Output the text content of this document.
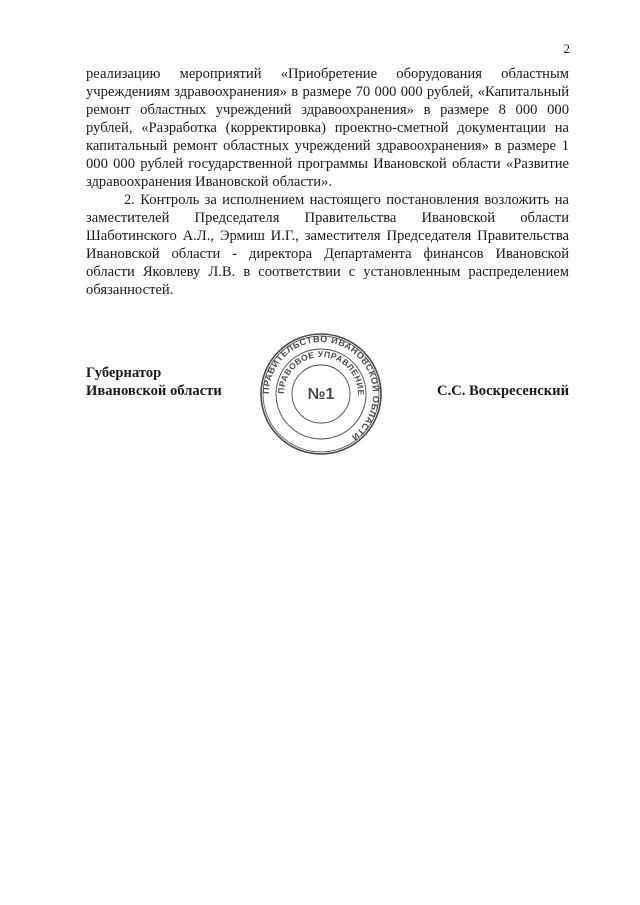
2

реализацию мероприятий «Приобретение оборудования областным учреждениям здравоохранения» в размере 70 000 000 рублей, «Капитальный ремонт областных учреждений здравоохранения» в размере 8 000 000 рублей, «Разработка (корректировка) проектно-сметной документации на капитальный ремонт областных учреждений здравоохранения» в размере 1 000 000 рублей государственной программы Ивановской области «Развитие здравоохранения Ивановской области».

2. Контроль за исполнением настоящего постановления возложить на заместителей Председателя Правительства Ивановской области Шаботинского А.Л., Эрмиш И.Г., заместителя Председателя Правительства Ивановской области - директора Департамента финансов Ивановской области Яковлеву Л.В. в соответствии с установленным распределением обязанностей.

Губернатор
Ивановской области	ПРАВИТЕЛЬСТВО ИВАНОВСКОЙ ОБЛАСТИ
ПРАВОВОЕ УПРАВЛЕНИЕ
№1	С.С. Воскресенский
